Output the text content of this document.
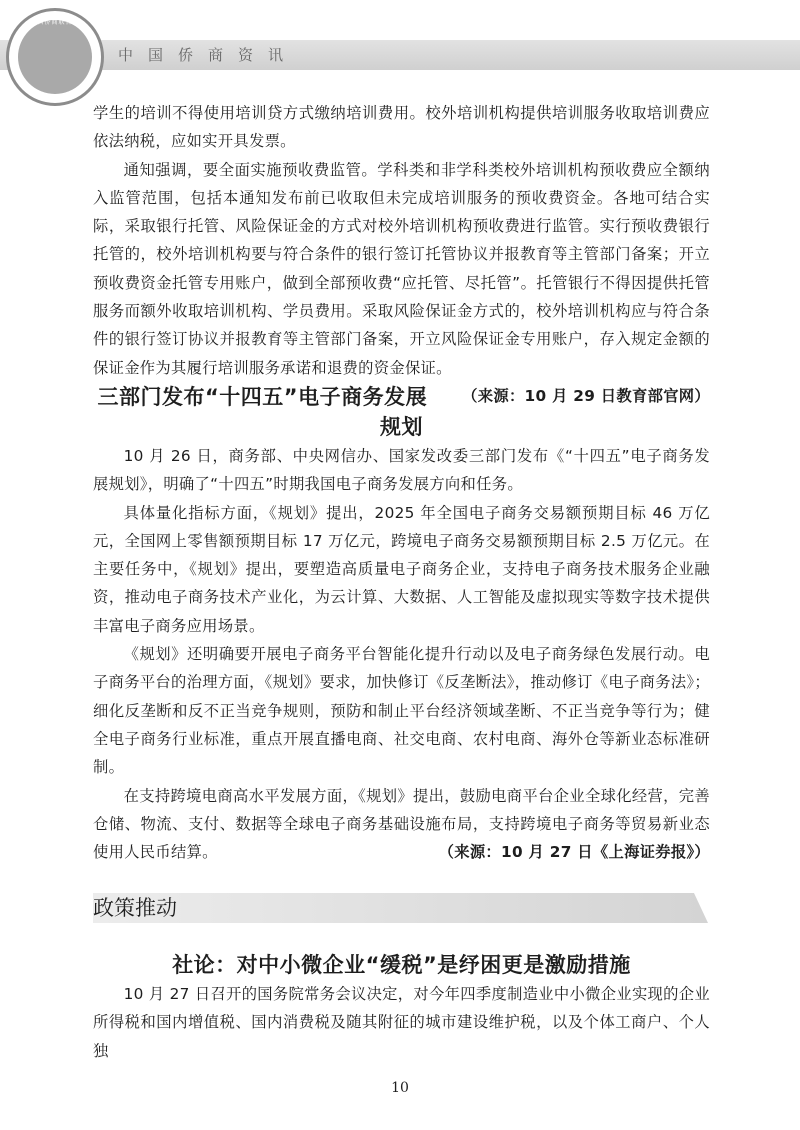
中国侨商联合会
中国侨商资讯

学生的培训不得使用培训贷方式缴纳培训费用。校外培训机构提供培训服务收取培训费应依法纳税，应如实开具发票。

通知强调，要全面实施预收费监管。学科类和非学科类校外培训机构预收费应全额纳入监管范围，包括本通知发布前已收取但未完成培训服务的预收费资金。各地可结合实际，采取银行托管、风险保证金的方式对校外培训机构预收费进行监管。实行预收费银行托管的，校外培训机构要与符合条件的银行签订托管协议并报教育等主管部门备案；开立预收费资金托管专用账户，做到全部预收费“应托管、尽托管”。托管银行不得因提供托管服务而额外收取培训机构、学员费用。采取风险保证金方式的，校外培训机构应与符合条件的银行签订协议并报教育等主管部门备案，开立风险保证金专用账户，存入规定金额的保证金作为其履行培训服务承诺和退费的资金保证。
（来源：10 月 29 日教育部官网）

三部门发布“十四五”电子商务发展规划

10 月 26 日，商务部、中央网信办、国家发改委三部门发布《“十四五”电子商务发展规划》，明确了“十四五”时期我国电子商务发展方向和任务。

具体量化指标方面，《规划》提出，2025 年全国电子商务交易额预期目标 46 万亿元，全国网上零售额预期目标 17 万亿元，跨境电子商务交易额预期目标 2.5 万亿元。在主要任务中，《规划》提出，要塑造高质量电子商务企业，支持电子商务技术服务企业融资，推动电子商务技术产业化，为云计算、大数据、人工智能及虚拟现实等数字技术提供丰富电子商务应用场景。

《规划》还明确要开展电子商务平台智能化提升行动以及电子商务绿色发展行动。电子商务平台的治理方面，《规划》要求，加快修订《反垄断法》，推动修订《电子商务法》；细化反垄断和反不正当竞争规则，预防和制止平台经济领域垄断、不正当竞争等行为；健全电子商务行业标准，重点开展直播电商、社交电商、农村电商、海外仓等新业态标准研制。

在支持跨境电商高水平发展方面，《规划》提出，鼓励电商平台企业全球化经营，完善仓储、物流、支付、数据等全球电子商务基础设施布局，支持跨境电子商务等贸易新业态使用人民币结算。	（来源：10 月 27 日《上海证券报》）

政策推动
社论：对中小微企业“缓税”是纾困更是激励措施

10 月 27 日召开的国务院常务会议决定，对今年四季度制造业中小微企业实现的企业所得税和国内增值税、国内消费税及随其附征的城市建设维护税，以及个体工商户、个人独

10
